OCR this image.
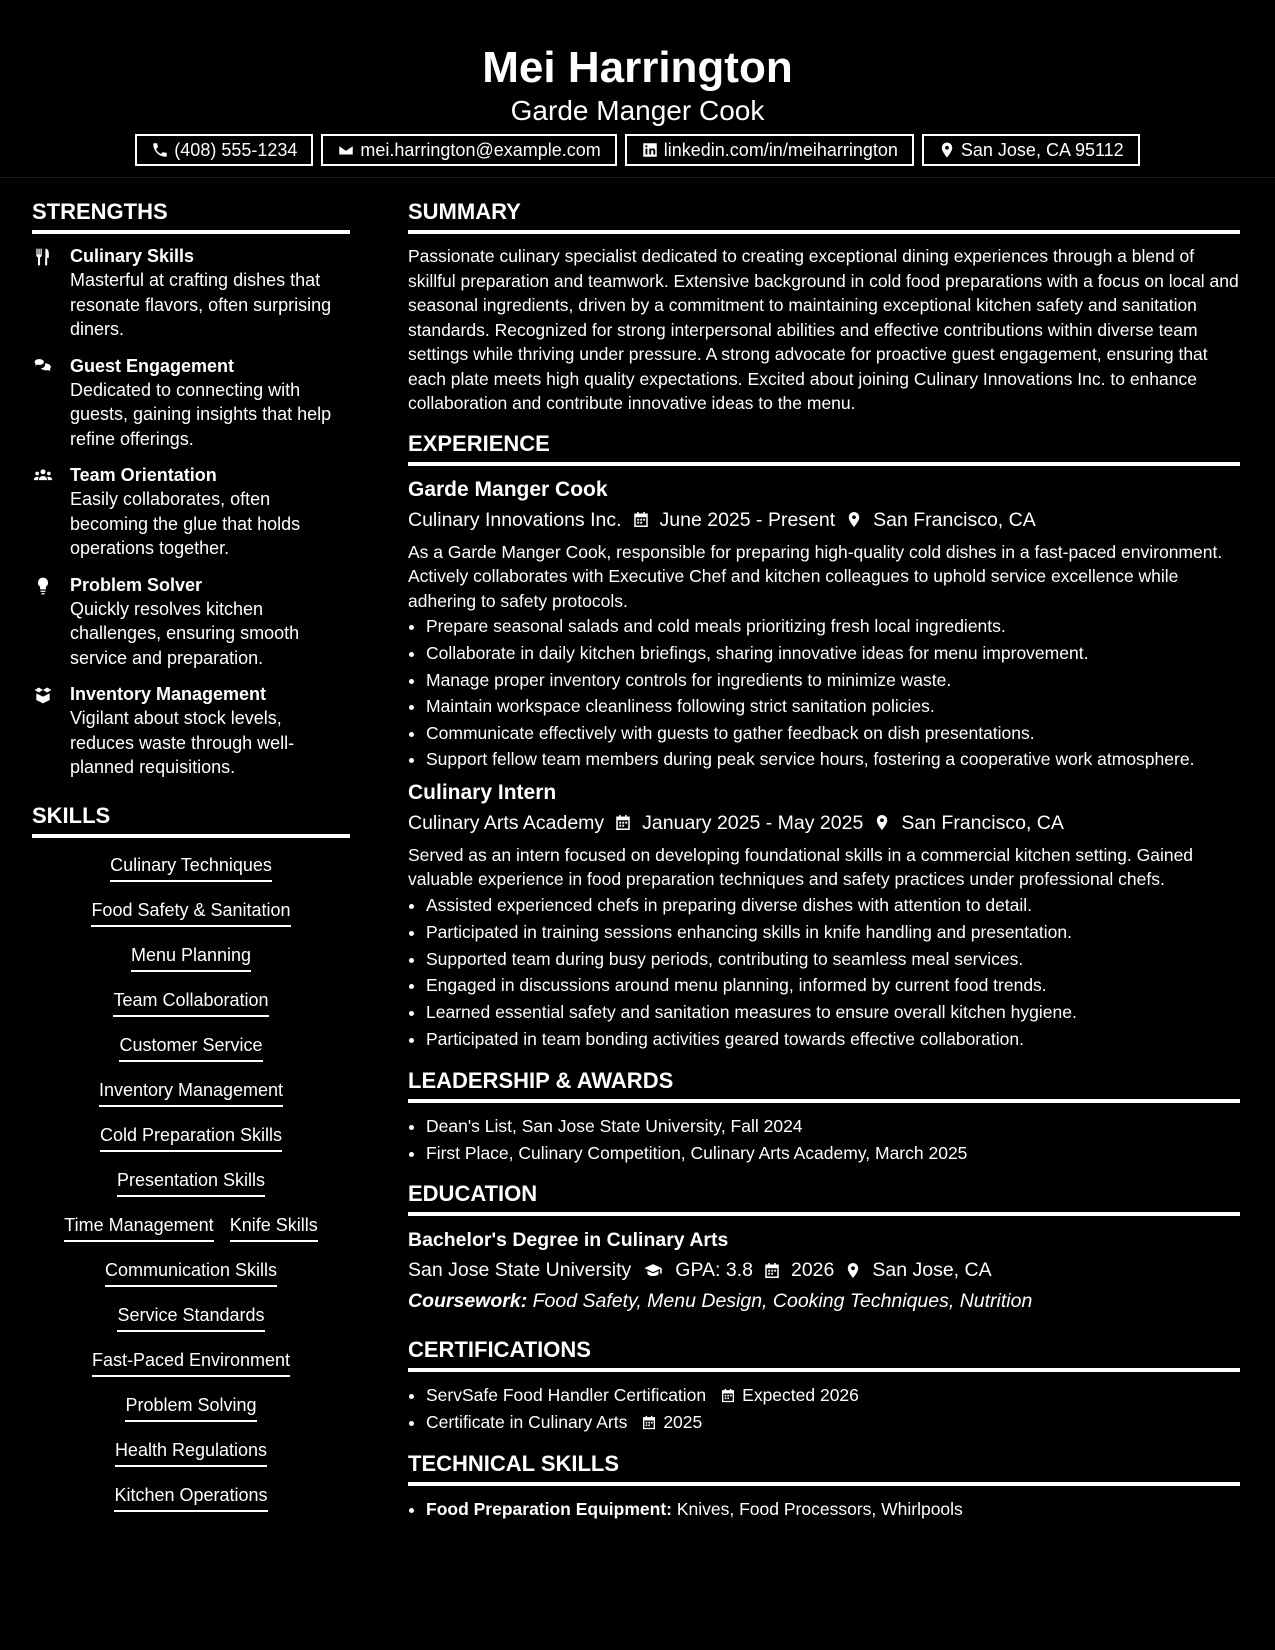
Mei Harrington
Garde Manger Cook
(408) 555-1234	mei.harrington@example.com	linkedin.com/in/meiharrington	San Jose, CA 95112
STRENGTHS
Culinary Skills
Masterful at crafting dishes that resonate flavors, often surprising diners.
Guest Engagement
Dedicated to connecting with guests, gaining insights that help refine offerings.
Team Orientation
Easily collaborates, often becoming the glue that holds operations together.
Problem Solver
Quickly resolves kitchen challenges, ensuring smooth service and preparation.
Inventory Management
Vigilant about stock levels, reduces waste through well-planned requisitions.
SKILLS
Culinary Techniques
Food Safety & Sanitation
Menu Planning
Team Collaboration
Customer Service
Inventory Management
Cold Preparation Skills
Presentation Skills
Time Management Knife Skills
Communication Skills
Service Standards
Fast-Paced Environment
Problem Solving
Health Regulations
Kitchen Operations
SUMMARY
Passionate culinary specialist dedicated to creating exceptional dining experiences through a blend of skillful preparation and teamwork. Extensive background in cold food preparations with a focus on local and seasonal ingredients, driven by a commitment to maintaining exceptional kitchen safety and sanitation standards. Recognized for strong interpersonal abilities and effective contributions within diverse team settings while thriving under pressure. A strong advocate for proactive guest engagement, ensuring that each plate meets high quality expectations. Excited about joining Culinary Innovations Inc. to enhance collaboration and contribute innovative ideas to the menu.
EXPERIENCE
Garde Manger Cook
Culinary Innovations Inc. June 2025 - Present San Francisco, CA
As a Garde Manger Cook, responsible for preparing high-quality cold dishes in a fast-paced environment. Actively collaborates with Executive Chef and kitchen colleagues to uphold service excellence while adhering to safety protocols.
• Prepare seasonal salads and cold meals prioritizing fresh local ingredients.
• Collaborate in daily kitchen briefings, sharing innovative ideas for menu improvement.
• Manage proper inventory controls for ingredients to minimize waste.
• Maintain workspace cleanliness following strict sanitation policies.
• Communicate effectively with guests to gather feedback on dish presentations.
• Support fellow team members during peak service hours, fostering a cooperative work atmosphere.
Culinary Intern
Culinary Arts Academy January 2025 - May 2025 San Francisco, CA
Served as an intern focused on developing foundational skills in a commercial kitchen setting. Gained valuable experience in food preparation techniques and safety practices under professional chefs.
• Assisted experienced chefs in preparing diverse dishes with attention to detail.
• Participated in training sessions enhancing skills in knife handling and presentation.
• Supported team during busy periods, contributing to seamless meal services.
• Engaged in discussions around menu planning, informed by current food trends.
• Learned essential safety and sanitation measures to ensure overall kitchen hygiene.
• Participated in team bonding activities geared towards effective collaboration.
LEADERSHIP & AWARDS
• Dean's List, San Jose State University, Fall 2024
• First Place, Culinary Competition, Culinary Arts Academy, March 2025
EDUCATION
Bachelor's Degree in Culinary Arts
San Jose State University GPA: 3.8 2026 San Jose, CA
Coursework: Food Safety, Menu Design, Cooking Techniques, Nutrition
CERTIFICATIONS
• ServSafe Food Handler Certification Expected 2026
• Certificate in Culinary Arts 2025
TECHNICAL SKILLS
• Food Preparation Equipment: Knives, Food Processors, Whirlpools
